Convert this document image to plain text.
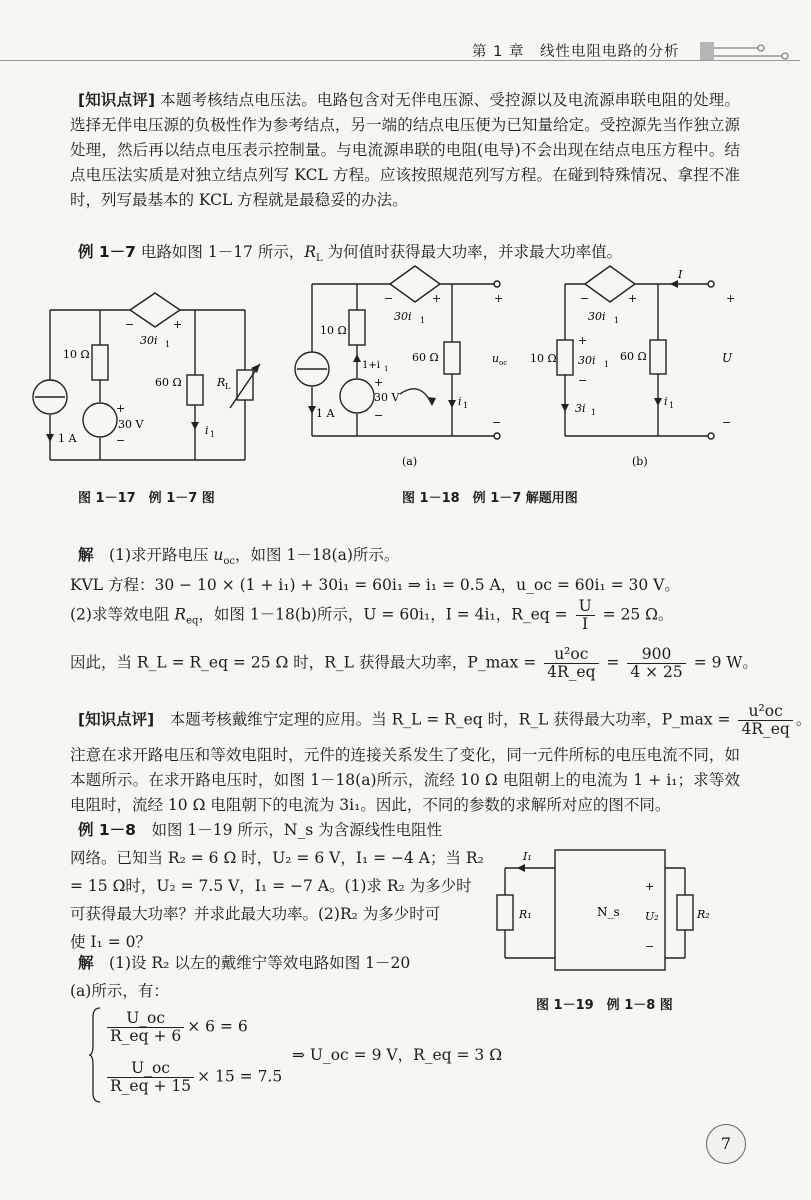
第 1 章　线性电阻电路的分析
[知识点评] 本题考核结点电压法。电路包含对无伴电压源、受控源以及电流源串联电阻的处理。选择无伴电压源的负极性作为参考结点，另一端的结点电压便为已知量给定。受控源先当作独立源处理，然后再以结点电压表示控制量。与电流源串联的电阻(电导)不会出现在结点电压方程中。结点电压法实质是对独立结点列写 KCL 方程。应该按照规范列写方程。在碰到特殊情况、拿捏不准时，列写最基本的 KCL 方程就是最稳妥的办法。
例 1－7 电路如图 1－17 所示，$R_L$ 为何值时获得最大功率，并求最大功率值。
10 Ω
30i 1
−	+
+
30 V
−
1 A
60 Ω
i 1
R L
图 1－17　例 1－7 图
10 Ω
1+i 1
30i 1
−	+
+
30 V
−
1 A
60 Ω
i 1
+
u oc
−
(a)
I
30i 1
−	+
10 Ω
+
30i 1
−
3i 1
60 Ω
i 1
+
U
−
(b)
图 1－18　例 1－7 解题用图
解　 (1)求开路电压 $u_{oc}$，如图 1－18(a)所示。
KVL 方程：30 − 10 × (1 + i₁) + 30i₁ = 60i₁ ⇒ i₁ = 0.5 A，u_oc = 60i₁ = 30 V。
(2)求等效电阻 $R_{eq}$，如图 1－18(b)所示，U = 60i₁，I = 4i₁，R_eq = $\frac{U}{I} = 25$ Ω。
因此，当 R_L = R_eq = 25 Ω 时，R_L 获得最大功率，P_max = $\frac{\text{u²oc}}{4R\_eq} = \frac{900}{4 \times 25} = 9$ W。
[知识点评]　 本题考核戴维宁定理的应用。当 R_L = R_eq 时，R_L 获得最大功率，P_max = $\frac{\text{u²oc}}{4R\_eq}$ 。
注意在求开路电压和等效电阻时，元件的连接关系发生了变化，同一元件所标的电压电流不同，如本题所示。在求开路电压时，如图 1－18(a)所示，流经 10 Ω 电阻朝上的电流为 1 + i₁；求等效电阻时，流经 10 Ω 电阻朝下的电流为 3i₁。因此，不同的参数的求解所对应的图不同。
例 1－8　 如图 1－19 所示，N_s 为含源线性电阻性
网络。已知当 R₂ = 6 Ω 时，U₂ = 6 V，I₁ = −4 A；当 R₂
= 15 Ω时，U₂ = 7.5 V，I₁ = −7 A。(1)求 R₂ 为多少时
可获得最大功率？并求此最大功率。(2)R₂ 为多少时可
使 I₁ = 0？
I₁
R₁	N_s
+
U₂
−
R₂
图 1－19　例 1－8 图
解　 (1)设 R₂ 以左的戴维宁等效电路如图 1－20
(a)所示，有：
$\frac{U\_oc}{R\_eq + 6} \times 6 = 6$
$\frac{U\_oc}{R\_eq + 15} \times 15 = 7.5$
⇒ U_oc = 9 V，R_eq = 3 Ω
7
